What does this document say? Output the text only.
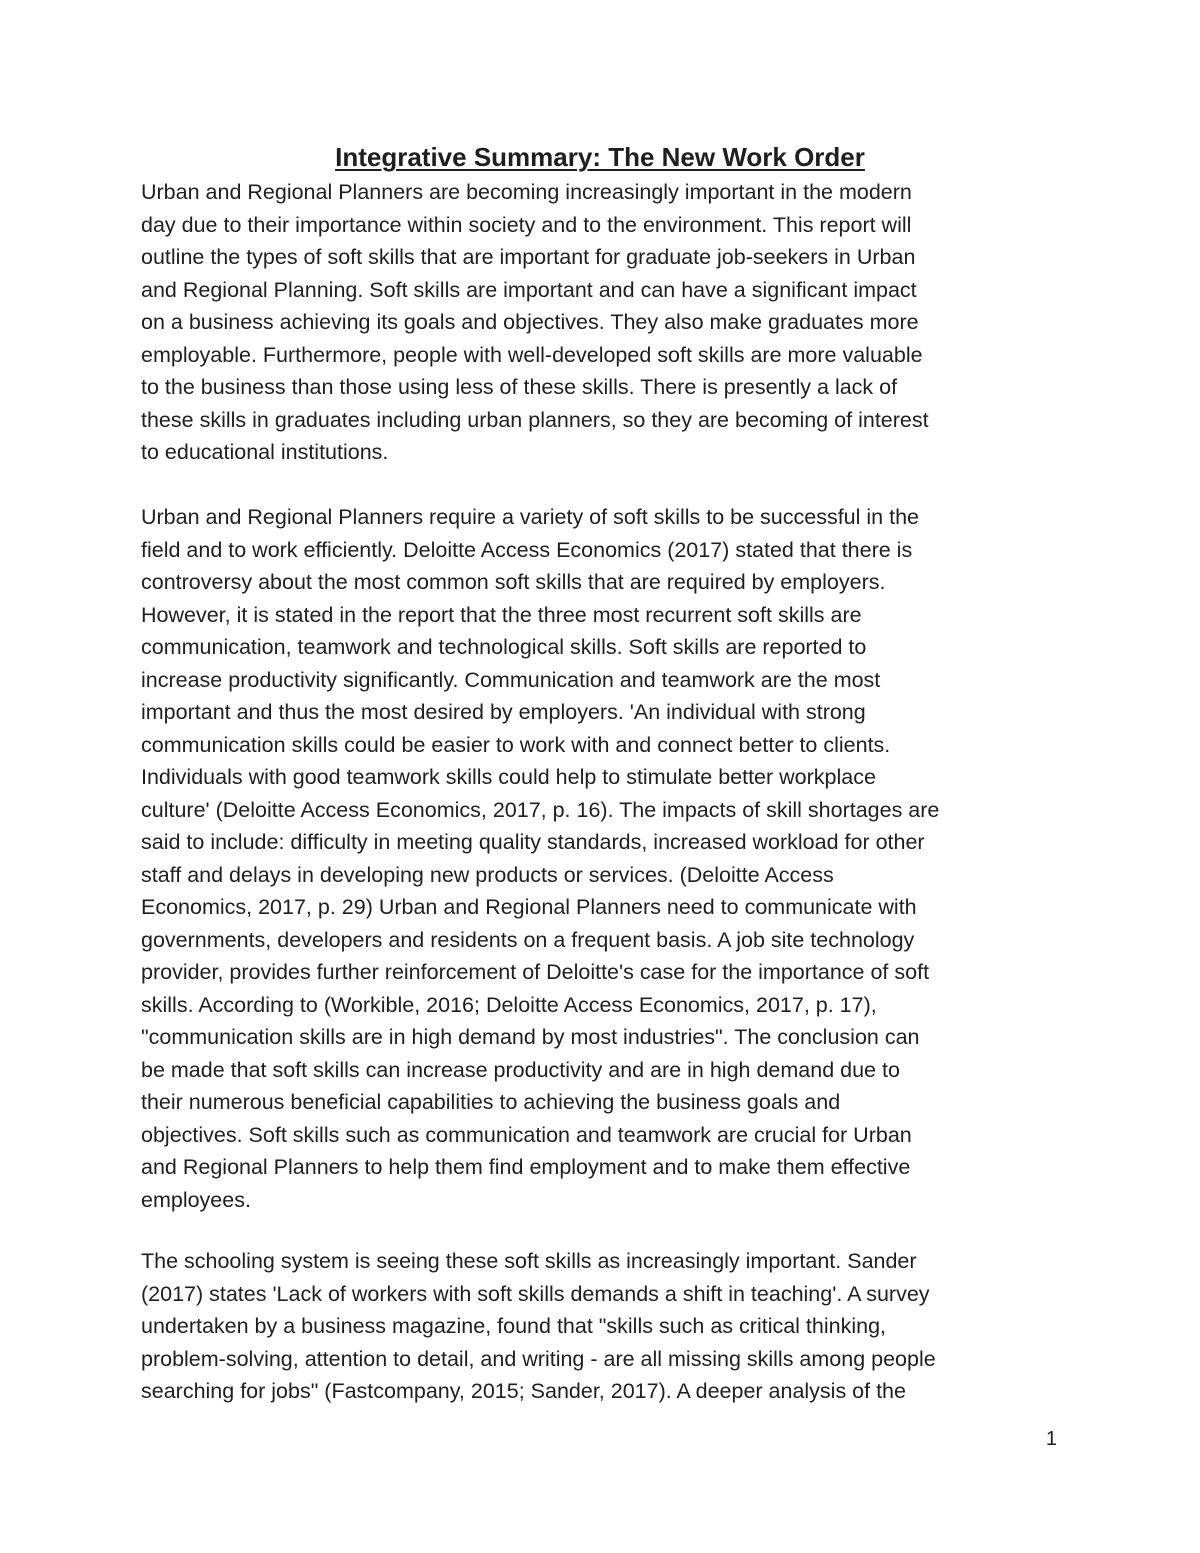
Integrative Summary: The New Work Order
Urban and Regional Planners are becoming increasingly important in the modern
day due to their importance within society and to the environment. This report will
outline the types of soft skills that are important for graduate job-seekers in Urban
and Regional Planning. Soft skills are important and can have a significant impact
on a business achieving its goals and objectives. They also make graduates more
employable. Furthermore, people with well-developed soft skills are more valuable
to the business than those using less of these skills. There is presently a lack of
these skills in graduates including urban planners, so they are becoming of interest
to educational institutions.
Urban and Regional Planners require a variety of soft skills to be successful in the
field and to work efficiently. Deloitte Access Economics (2017) stated that there is
controversy about the most common soft skills that are required by employers.
However, it is stated in the report that the three most recurrent soft skills are
communication, teamwork and technological skills. Soft skills are reported to
increase productivity significantly. Communication and teamwork are the most
important and thus the most desired by employers. 'An individual with strong
communication skills could be easier to work with and connect better to clients.
Individuals with good teamwork skills could help to stimulate better workplace
culture' (Deloitte Access Economics, 2017, p. 16). The impacts of skill shortages are
said to include: difficulty in meeting quality standards, increased workload for other
staff and delays in developing new products or services. (Deloitte Access
Economics, 2017, p. 29) Urban and Regional Planners need to communicate with
governments, developers and residents on a frequent basis. A job site technology
provider, provides further reinforcement of Deloitte's case for the importance of soft
skills. According to (Workible, 2016; Deloitte Access Economics, 2017, p. 17),
"communication skills are in high demand by most industries". The conclusion can
be made that soft skills can increase productivity and are in high demand due to
their numerous beneficial capabilities to achieving the business goals and
objectives. Soft skills such as communication and teamwork are crucial for Urban
and Regional Planners to help them find employment and to make them effective
employees.
The schooling system is seeing these soft skills as increasingly important. Sander
(2017) states 'Lack of workers with soft skills demands a shift in teaching'. A survey
undertaken by a business magazine, found that "skills such as critical thinking,
problem-solving, attention to detail, and writing - are all missing skills among people
searching for jobs" (Fastcompany, 2015; Sander, 2017). A deeper analysis of the
1
